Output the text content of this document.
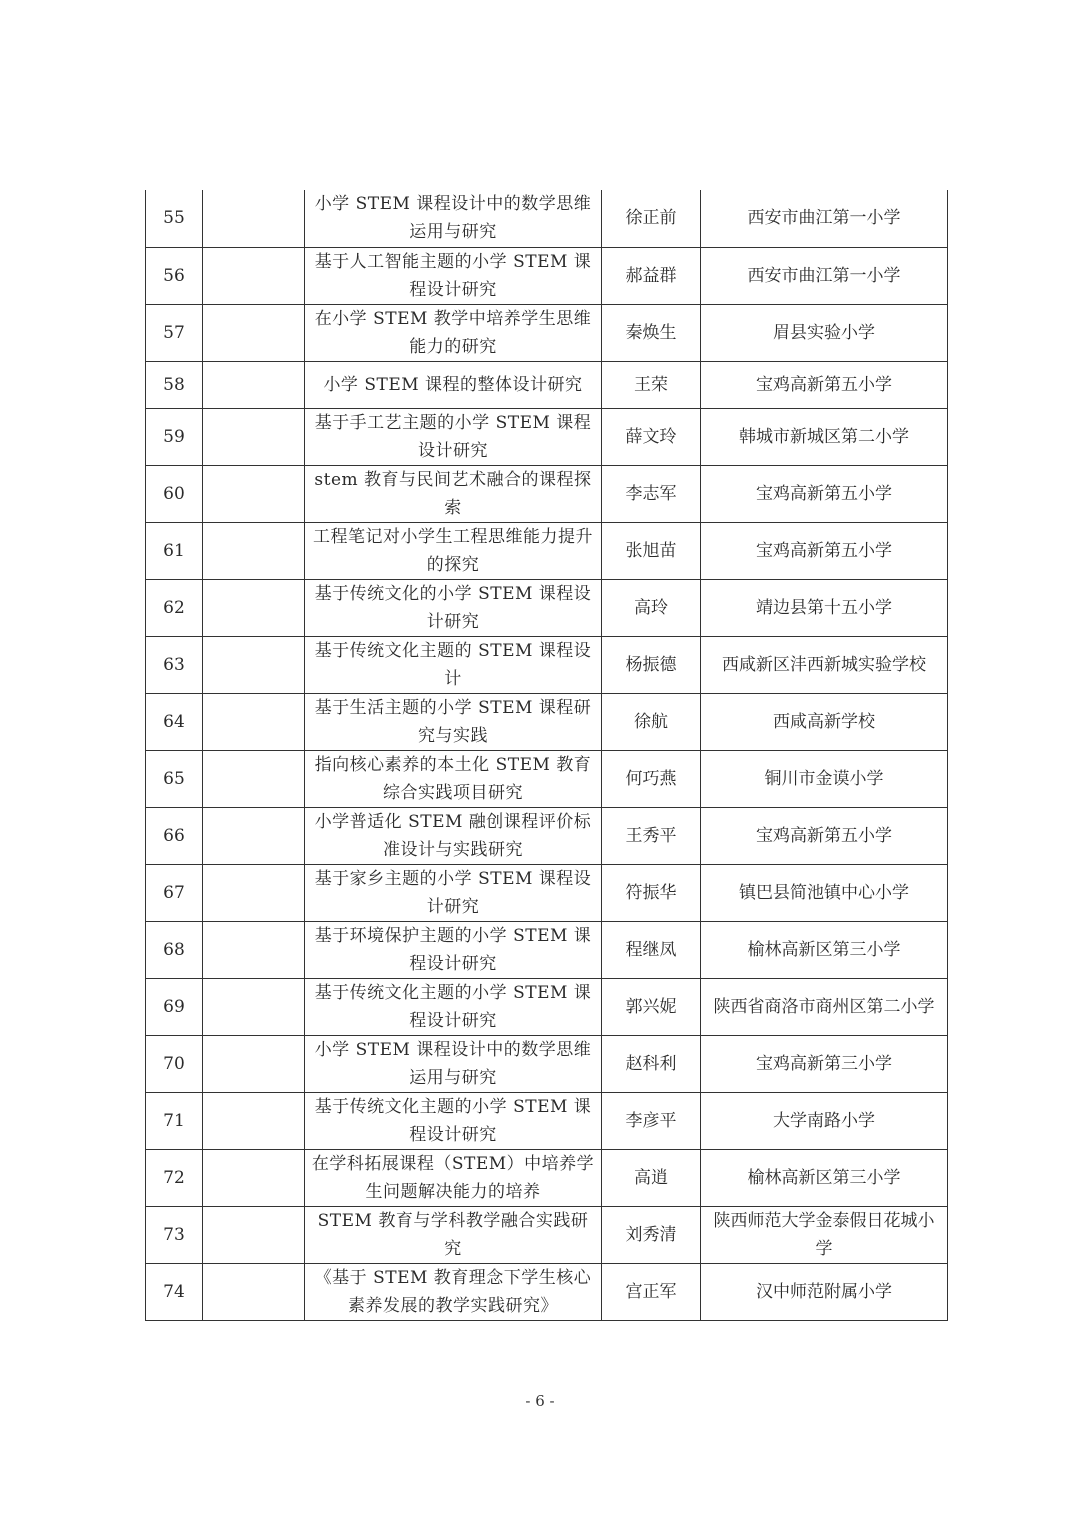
55		小学 STEM 课程设计中的数学思维运用与研究	徐正前	西安市曲江第一小学
56		基于人工智能主题的小学 STEM 课程设计研究	郝益群	西安市曲江第一小学
57		在小学 STEM 教学中培养学生思维能力的研究	秦焕生	眉县实验小学
58		小学 STEM 课程的整体设计研究	王荣	宝鸡高新第五小学
59		基于手工艺主题的小学 STEM 课程设计研究	薛文玲	韩城市新城区第二小学
60		stem 教育与民间艺术融合的课程探索	李志军	宝鸡高新第五小学
61		工程笔记对小学生工程思维能力提升的探究	张旭苗	宝鸡高新第五小学
62		基于传统文化的小学 STEM 课程设计研究	高玲	靖边县第十五小学
63		基于传统文化主题的 STEM 课程设计	杨振德	西咸新区沣西新城实验学校
64		基于生活主题的小学 STEM 课程研究与实践	徐航	西咸高新学校
65		指向核心素养的本土化 STEM 教育综合实践项目研究	何巧燕	铜川市金谟小学
66		小学普适化 STEM 融创课程评价标准设计与实践研究	王秀平	宝鸡高新第五小学
67		基于家乡主题的小学 STEM 课程设计研究	符振华	镇巴县简池镇中心小学
68		基于环境保护主题的小学 STEM 课程设计研究	程继凤	榆林高新区第三小学
69		基于传统文化主题的小学 STEM 课程设计研究	郭兴妮	陕西省商洛市商州区第二小学
70		小学 STEM 课程设计中的数学思维运用与研究	赵科利	宝鸡高新第三小学
71		基于传统文化主题的小学 STEM 课程设计研究	李彦平	大学南路小学
72		在学科拓展课程（STEM）中培养学生问题解决能力的培养	高逍	榆林高新区第三小学
73		STEM 教育与学科教学融合实践研究	刘秀清	陕西师范大学金泰假日花城小学
74		《基于 STEM 教育理念下学生核心素养发展的教学实践研究》	宫正军	汉中师范附属小学
- 6 -
